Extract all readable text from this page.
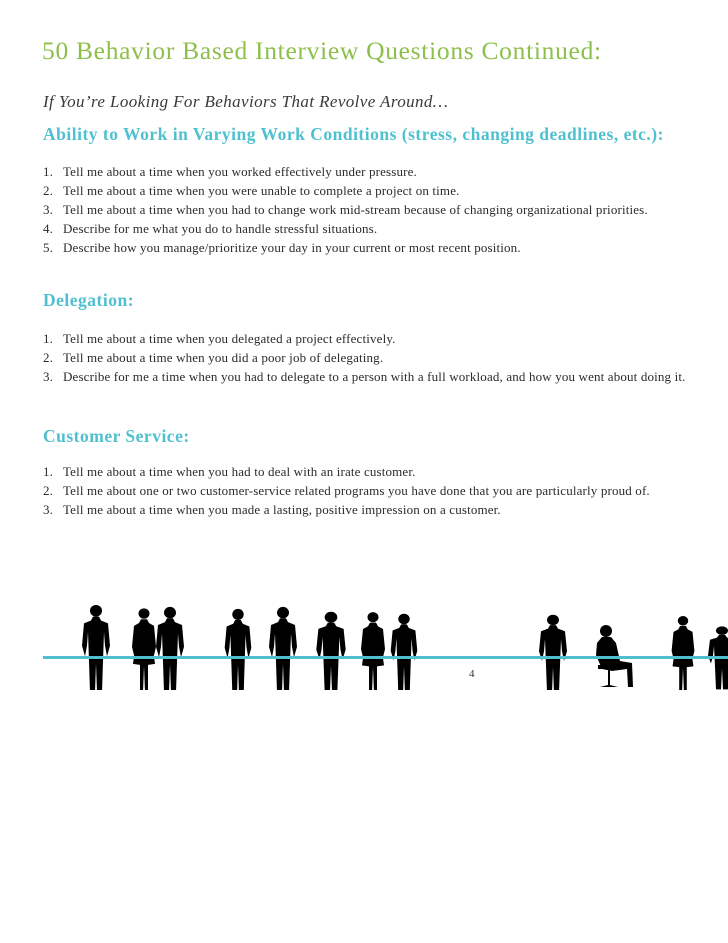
50 Behavior Based Interview Questions Continued:

If You’re Looking For Behaviors That Revolve Around…

Ability to Work in Varying Work Conditions (stress, changing deadlines, etc.):
1. Tell me about a time when you worked effectively under pressure.
2. Tell me about a time when you were unable to complete a project on time.
3. Tell me about a time when you had to change work mid-stream because of changing organizational priorities.
4. Describe for me what you do to handle stressful situations.
5. Describe how you manage/prioritize your day in your current or most recent position.
Delegation:
1. Tell me about a time when you delegated a project effectively.
2. Tell me about a time when you did a poor job of delegating.
3. Describe for me a time when you had to delegate to a person with a full workload, and how you went about doing it.
Customer Service:
1. Tell me about a time when you had to deal with an irate customer.
2. Tell me about one or two customer-service related programs you have done that you are particularly proud of.
3. Tell me about a time when you made a lasting, positive impression on a customer.
4
